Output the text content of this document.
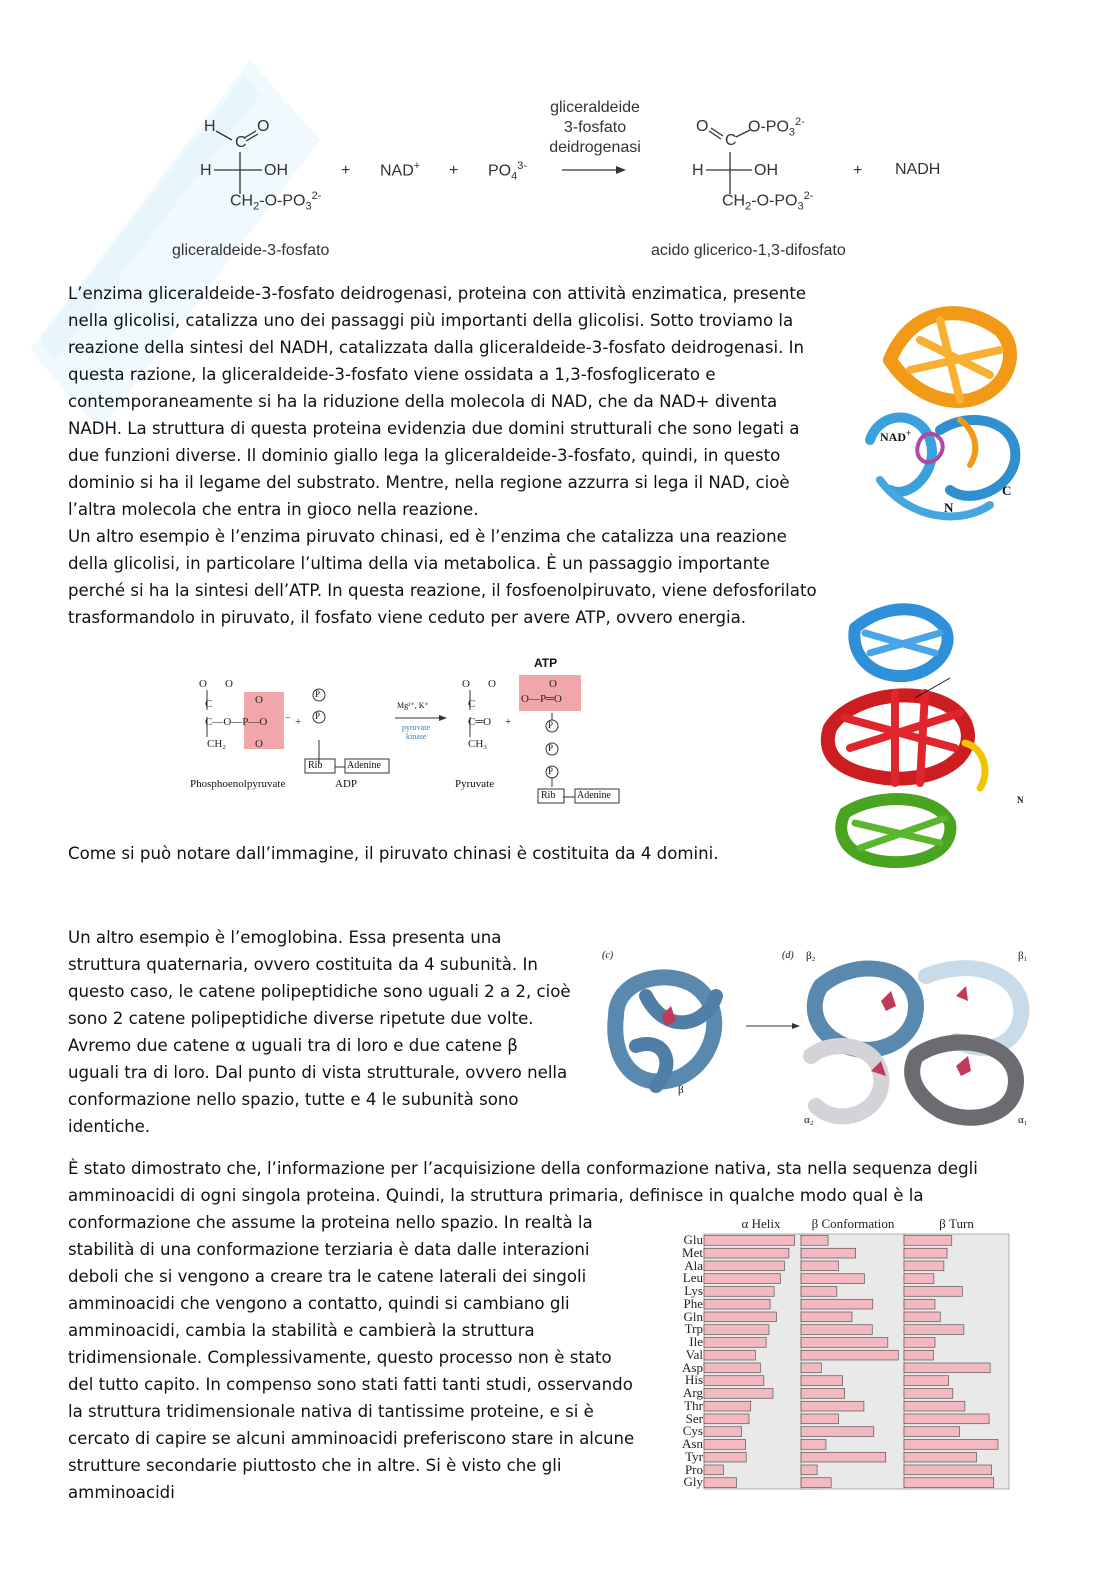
H
C
O
H	OH
$CH_2-O-PO_3^{2-}$
gliceraldeide-3-fosfato
+ $NAD^+ + PO_4^{3-}$
gliceraldeide
3-fosfato
deidrogenasi
O
C
$O-PO_3^{2-}$
H	OH
$CH_2-O-PO_3^{2-}$
acido glicerico-1,3-difosfato
+ NADH

L’enzima gliceraldeide-3-fosfato deidrogenasi, proteina con attività enzimatica, presente nella glicolisi, catalizza uno dei passaggi più importanti della glicolisi. Sotto troviamo la reazione della sintesi del NADH, catalizzata dalla gliceraldeide-3-fosfato deidrogenasi. In questa razione, la gliceraldeide-3-fosfato viene ossidata a 1,3-fosfoglicerato e contemporaneamente si ha la riduzione della molecola di NAD, che da NAD+ diventa NADH. La struttura di questa proteina evidenzia due domini strutturali che sono legati a due funzioni diverse. Il dominio giallo lega la gliceraldeide-3-fosfato, quindi, in questo dominio si ha il legame del substrato. Mentre, nella regione azzurra si lega il NAD, cioè l’altra molecola che entra in gioco nella reazione.

Un altro esempio è l’enzima piruvato chinasi, ed è l’enzima che catalizza una reazione della glicolisi, in particolare l’ultima della via metabolica. È un passaggio importante perché si ha la sintesi dell’ATP. In questa reazione, il fosfoenolpiruvato, viene defosforilato trasformandolo in piruvato, il fosfato viene ceduto per avere ATP, ovvero energia.

NAD+
N
C
O O
C
C—O—P—O ⁻
CH₂
O
O
O O
C
C═O
CH₃
O—P═O
O
+	+
P
P
P
P
P
Rib Adenine
Rib Adenine
Mg²⁺, K⁺
pyruvate
kinase
Phosphoenolpyruvate	ADP	Pyruvate
ATP
N

Come si può notare dall’immagine, il piruvato chinasi è costituita da 4 domini.

Un altro esempio è l’emoglobina. Essa presenta una struttura quaternaria, ovvero costituita da 4 subunità. In questo caso, le catene polipeptidiche sono uguali 2 a 2, cioè sono 2 catene polipeptidiche diverse ripetute due volte. Avremo due catene α uguali tra di loro e due catene β uguali tra di loro. Dal punto di vista strutturale, ovvero nella conformazione nello spazio, tutte e 4 le subunità sono identiche.

(c)	(d)
β
β₂	β₁
α₂	α₁

È stato dimostrato che, l’informazione per l’acquisizione della conformazione nativa, sta nella sequenza degli amminoacidi di ogni singola proteina. Quindi, la struttura primaria, definisce in qualche modo qual è la

conformazione che assume la proteina nello spazio. In realtà la stabilità di una conformazione terziaria è data dalle interazioni deboli che si vengono a creare tra le catene laterali dei singoli amminoacidi che vengono a contatto, quindi si cambiano gli amminoacidi, cambia la stabilità e cambierà la struttura tridimensionale. Complessivamente, questo processo non è stato del tutto capito. In compenso sono stati fatti tanti studi, osservando la struttura tridimensionale nativa di tantissime proteine, e si è cercato di capire se alcuni amminoacidi preferiscono stare in alcune strutture secondarie piuttosto che in altre. Si è visto che gli amminoacidi

Glu
Met
Ala
Leu
Lys
Phe
Gln
Trp
Ile
Val
Asp
His
Arg
Thr
Ser
Cys
Asn
Tyr
Pro
Gly
α Helix β Conformation	β Turn
